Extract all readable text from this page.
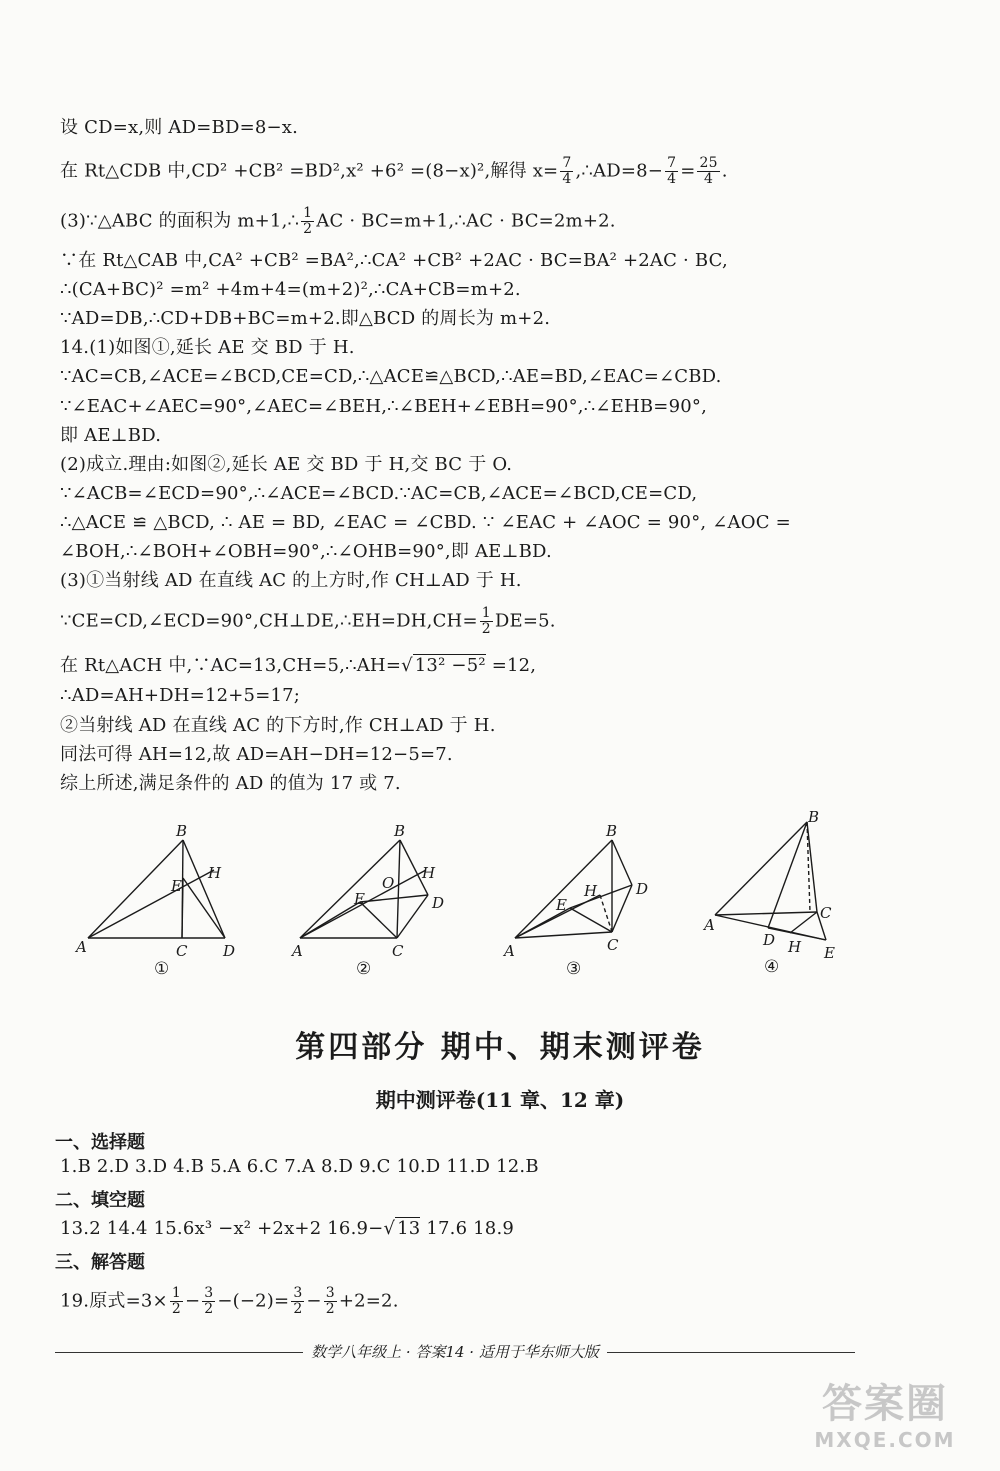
设 CD=x,则 AD=BD=8−x.
在 Rt△CDB 中,CD² +CB² =BD²,x² +6² =(8−x)²,解得 $x= \frac{7}{4}$ ,∴AD=8− $\frac{7}{4} = \frac{25}{4}$ .
(3)∵△ABC 的面积为 m+1,∴ $\frac{1}{2}$ AC · BC=m+1,∴AC · BC=2m+2.
∵在 Rt△CAB 中,CA² +CB² =BA²,∴CA² +CB² +2AC · BC=BA² +2AC · BC,
∴(CA+BC)² =m² +4m+4=(m+2)²,∴CA+CB=m+2.
∵AD=DB,∴CD+DB+BC=m+2.即△BCD 的周长为 m+2.
14.(1)如图①,延长 AE 交 BD 于 H.
∵AC=CB,∠ACE=∠BCD,CE=CD,∴△ACE≌△BCD,∴AE=BD,∠EAC=∠CBD.
∵∠EAC+∠AEC=90°,∠AEC=∠BEH,∴∠BEH+∠EBH=90°,∴∠EHB=90°,
即 AE⊥BD.
(2)成立.理由:如图②,延长 AE 交 BD 于 H,交 BC 于 O.
∵∠ACB=∠ECD=90°,∴∠ACE=∠BCD.∵AC=CB,∠ACE=∠BCD,CE=CD,
∴△ACE ≌ △BCD, ∴ AE = BD, ∠EAC = ∠CBD. ∵ ∠EAC + ∠AOC = 90°, ∠AOC =
∠BOH,∴∠BOH+∠OBH=90°,∴∠OHB=90°,即 AE⊥BD.
(3)①当射线 AD 在直线 AC 的上方时,作 CH⊥AD 于 H.
∵CE=CD,∠ECD=90°,CH⊥DE,∴EH=DH,CH= $\frac{1}{2} DE=5$.
在 Rt△ACH 中,∵AC=13,CH=5,∴AH=√ 13² −5² =12,
∴AD=AH+DH=12+5=17;
②当射线 AD 在直线 AC 的下方时,作 CH⊥AD 于 H.
同法可得 AH=12,故 AD=AH−DH=12−5=7.
综上所述,满足条件的 AD 的值为 17 或 7.
B
A	C D
E
H
①
B
A	C
D
E
H
O
②
B
A	C
D
E
H
③
B
A
C
D
E
H
④
第四部分 期中、期末测评卷
期中测评卷(11 章、12 章)
一、选择题
1.B 2.D 3.D 4.B 5.A 6.C 7.A 8.D 9.C 10.D 11.D 12.B
二、填空题
13.2 14.4 15.6x³ −x² +2x+2 16.9−√ 13 17.6 18.9
三、解答题
19.原式$=3\times \frac{1}{2} - \frac{3}{2} -(-2)= \frac{3}{2} - \frac{3}{2} +2=2$.
数学八年级上 · 答案14 · 适用于华东师大版
答案圈
MXQE.COM
